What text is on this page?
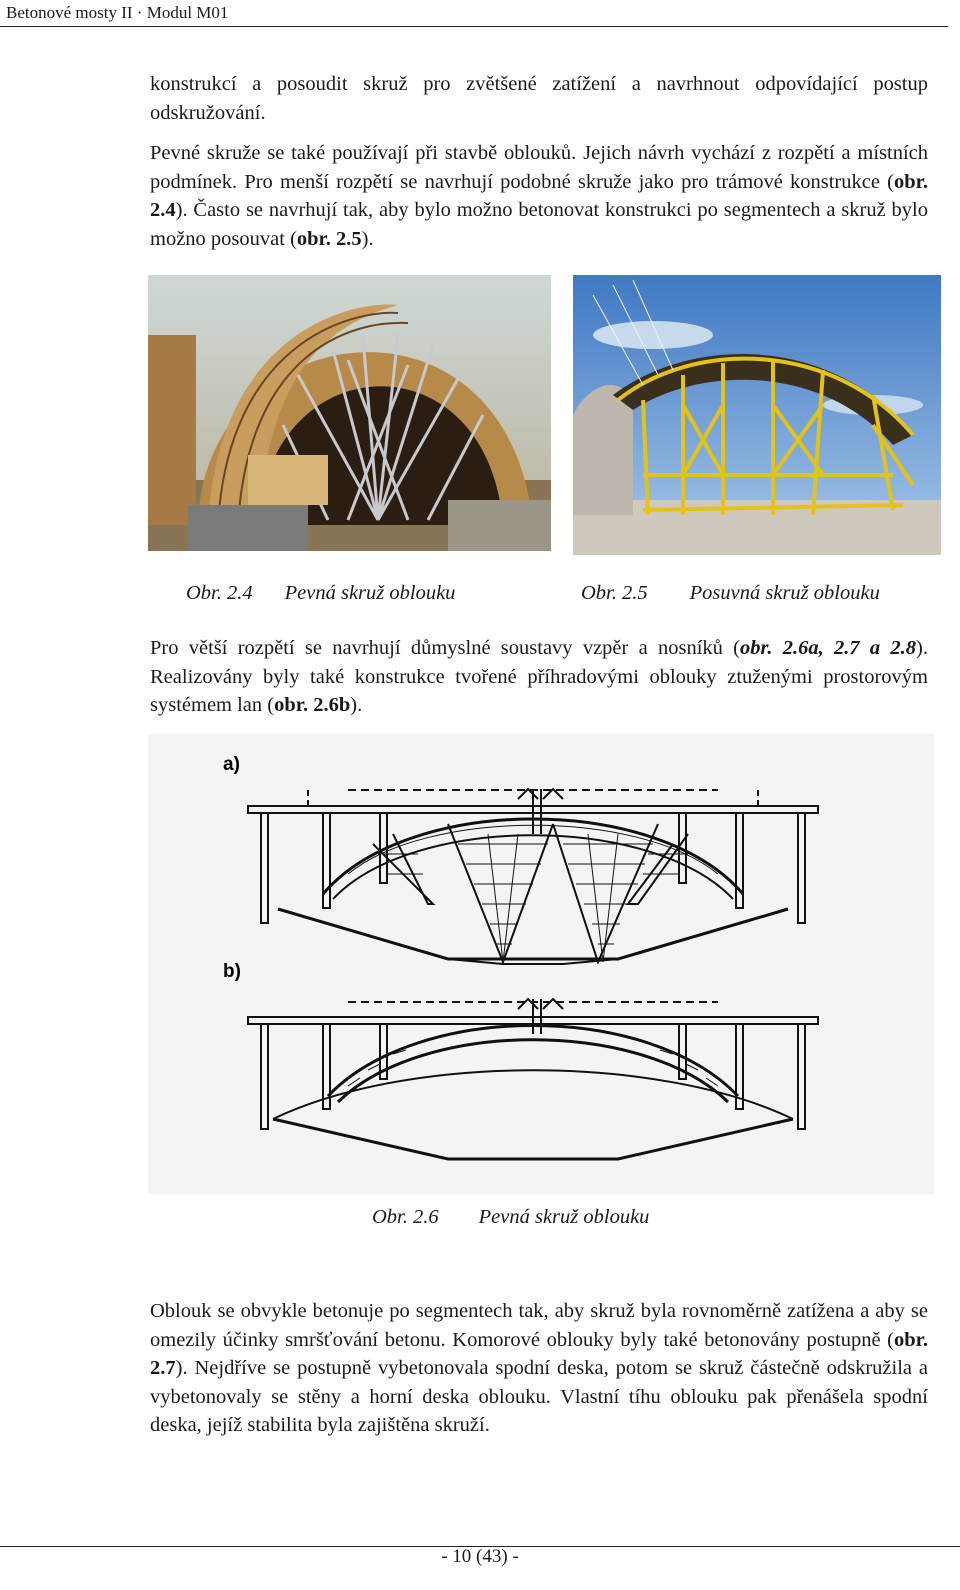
Betonové mosty II · Modul M01

konstrukcí a posoudit skruž pro zvětšené zatížení a navrhnout odpovídající postup odskružování.

Pevné skruže se také používají při stavbě oblouků. Jejich návrh vychází z rozpětí a místních podmínek. Pro menší rozpětí se navrhují podobné skruže jako pro trámové konstrukce (obr. 2.4). Často se navrhují tak, aby bylo možno betonovat konstrukci po segmentech a skruž bylo možno posouvat (obr. 2.5).

Obr. 2.4 Pevná skruž oblouku	Obr. 2.5 Posuvná skruž oblouku

Pro větší rozpětí se navrhují důmyslné soustavy vzpěr a nosníků (obr. 2.6a, 2.7 a 2.8). Realizovány byly také konstrukce tvořené příhradovými oblouky ztuženými prostorovým systémem lan (obr. 2.6b).

a)
b)
Obr. 2.6 Pevná skruž oblouku

Oblouk se obvykle betonuje po segmentech tak, aby skruž byla rovnoměrně zatížena a aby se omezily účinky smršťování betonu. Komorové oblouky byly také betonovány postupně (obr. 2.7). Nejdříve se postupně vybetonovala spodní deska, potom se skruž částečně odskružila a vybetonovaly se stěny a horní deska oblouku. Vlastní tíhu oblouku pak přenášela spodní deska, jejíž stabilita byla zajištěna skruží.

- 10 (43) -
